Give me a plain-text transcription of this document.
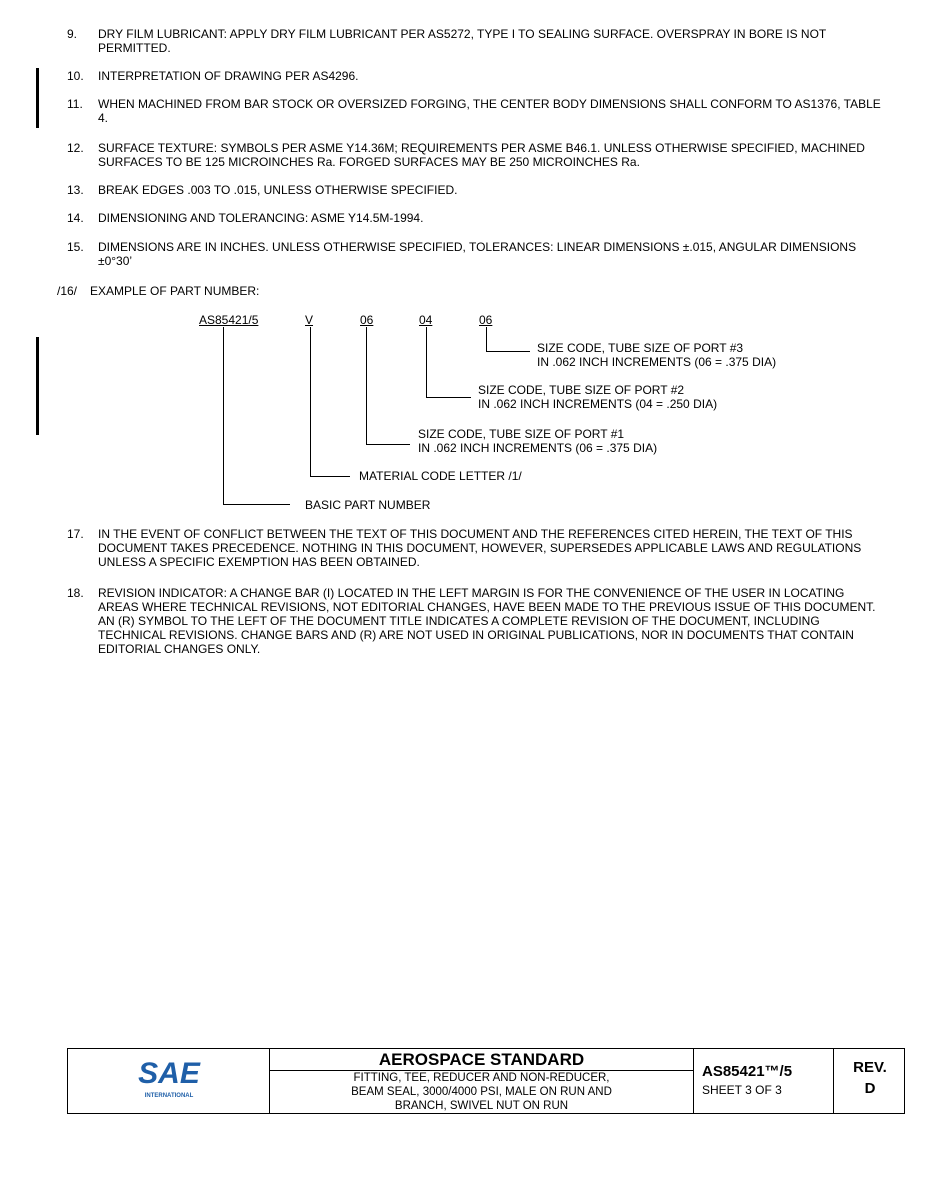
9. DRY FILM LUBRICANT: APPLY DRY FILM LUBRICANT PER AS5272, TYPE I TO SEALING SURFACE. OVERSPRAY IN BORE IS NOT PERMITTED.
10. INTERPRETATION OF DRAWING PER AS4296.
11. WHEN MACHINED FROM BAR STOCK OR OVERSIZED FORGING, THE CENTER BODY DIMENSIONS SHALL CONFORM TO AS1376, TABLE 4.
12. SURFACE TEXTURE: SYMBOLS PER ASME Y14.36M; REQUIREMENTS PER ASME B46.1. UNLESS OTHERWISE SPECIFIED, MACHINED SURFACES TO BE 125 MICROINCHES Ra. FORGED SURFACES MAY BE 250 MICROINCHES Ra.
13. BREAK EDGES .003 TO .015, UNLESS OTHERWISE SPECIFIED.
14. DIMENSIONING AND TOLERANCING: ASME Y14.5M-1994.
15. DIMENSIONS ARE IN INCHES. UNLESS OTHERWISE SPECIFIED, TOLERANCES: LINEAR DIMENSIONS ±.015, ANGULAR DIMENSIONS ±0°30’
/16/ EXAMPLE OF PART NUMBER:
AS85421/5	V	06	04	06
SIZE CODE, TUBE SIZE OF PORT #3
IN .062 INCH INCREMENTS (06 = .375 DIA)
SIZE CODE, TUBE SIZE OF PORT #2
IN .062 INCH INCREMENTS (04 = .250 DIA)
SIZE CODE, TUBE SIZE OF PORT #1
IN .062 INCH INCREMENTS (06 = .375 DIA)
MATERIAL CODE LETTER /1/
BASIC PART NUMBER
17. IN THE EVENT OF CONFLICT BETWEEN THE TEXT OF THIS DOCUMENT AND THE REFERENCES CITED HEREIN, THE TEXT OF THIS DOCUMENT TAKES PRECEDENCE. NOTHING IN THIS DOCUMENT, HOWEVER, SUPERSEDES APPLICABLE LAWS AND REGULATIONS UNLESS A SPECIFIC EXEMPTION HAS BEEN OBTAINED.
18. REVISION INDICATOR: A CHANGE BAR (I) LOCATED IN THE LEFT MARGIN IS FOR THE CONVENIENCE OF THE USER IN LOCATING AREAS WHERE TECHNICAL REVISIONS, NOT EDITORIAL CHANGES, HAVE BEEN MADE TO THE PREVIOUS ISSUE OF THIS DOCUMENT. AN (R) SYMBOL TO THE LEFT OF THE DOCUMENT TITLE INDICATES A COMPLETE REVISION OF THE DOCUMENT, INCLUDING TECHNICAL REVISIONS. CHANGE BARS AND (R) ARE NOT USED IN ORIGINAL PUBLICATIONS, NOR IN DOCUMENTS THAT CONTAIN EDITORIAL CHANGES ONLY.
SAE
INTERNATIONAL
AEROSPACE STANDARD
FITTING, TEE, REDUCER AND NON-REDUCER,
BEAM SEAL, 3000/4000 PSI, MALE ON RUN AND
BRANCH, SWIVEL NUT ON RUN
AS85421™/5
SHEET 3 OF 3
REV.
D
